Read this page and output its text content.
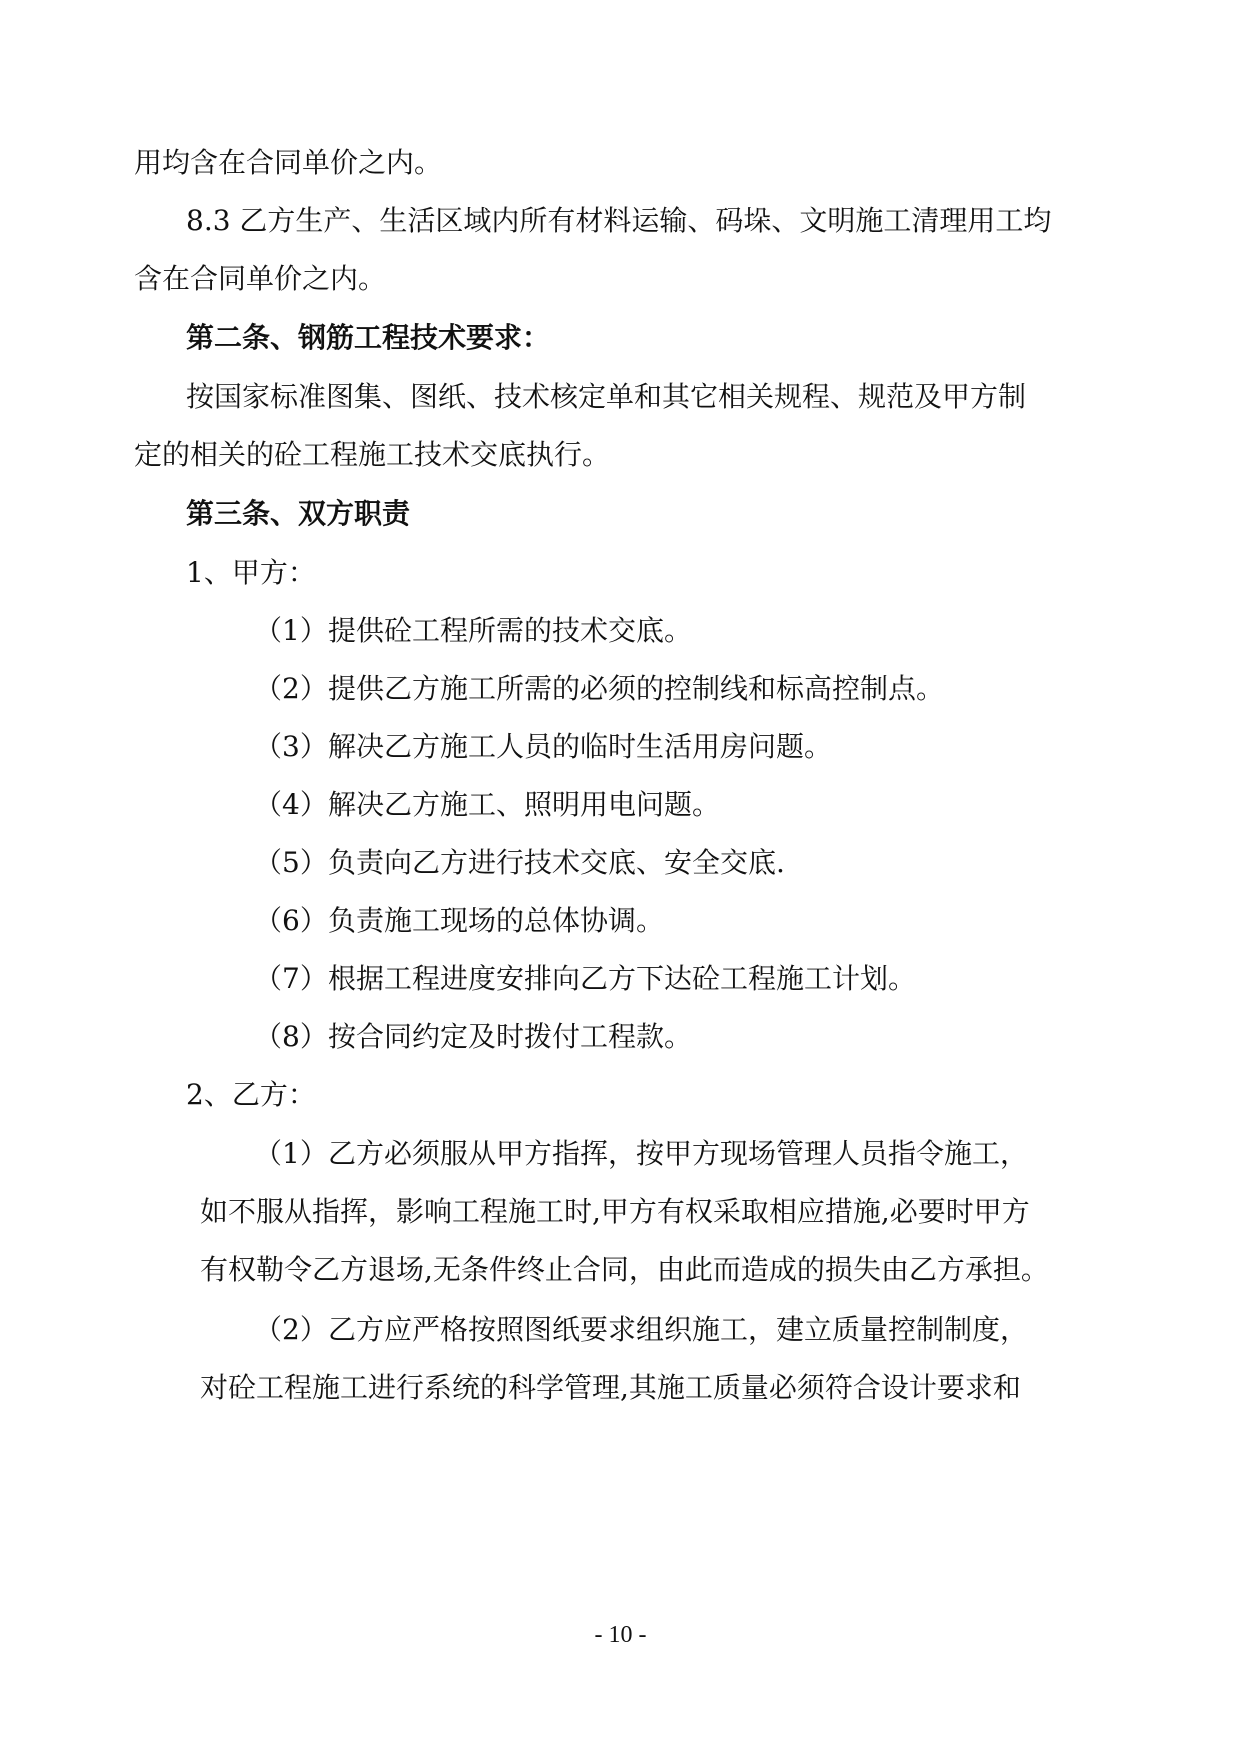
用均含在合同单价之内。
8.3 乙方生产、生活区域内所有材料运输、码垛、文明施工清理用工均
含在合同单价之内。
第二条、钢筋工程技术要求：
按国家标准图集、图纸、技术核定单和其它相关规程、规范及甲方制
定的相关的砼工程施工技术交底执行。
第三条、双方职责
1、甲方：
（1）提供砼工程所需的技术交底。
（2）提供乙方施工所需的必须的控制线和标高控制点。
（3）解决乙方施工人员的临时生活用房问题。
（4）解决乙方施工、照明用电问题。
（5）负责向乙方进行技术交底、安全交底.
（6）负责施工现场的总体协调。
（7）根据工程进度安排向乙方下达砼工程施工计划。
（8）按合同约定及时拨付工程款。
2、乙方：
（1）乙方必须服从甲方指挥，按甲方现场管理人员指令施工，
如不服从指挥，影响工程施工时,甲方有权采取相应措施,必要时甲方
有权勒令乙方退场,无条件终止合同，由此而造成的损失由乙方承担。
（2）乙方应严格按照图纸要求组织施工，建立质量控制制度，
对砼工程施工进行系统的科学管理,其施工质量必须符合设计要求和
- 10 -
